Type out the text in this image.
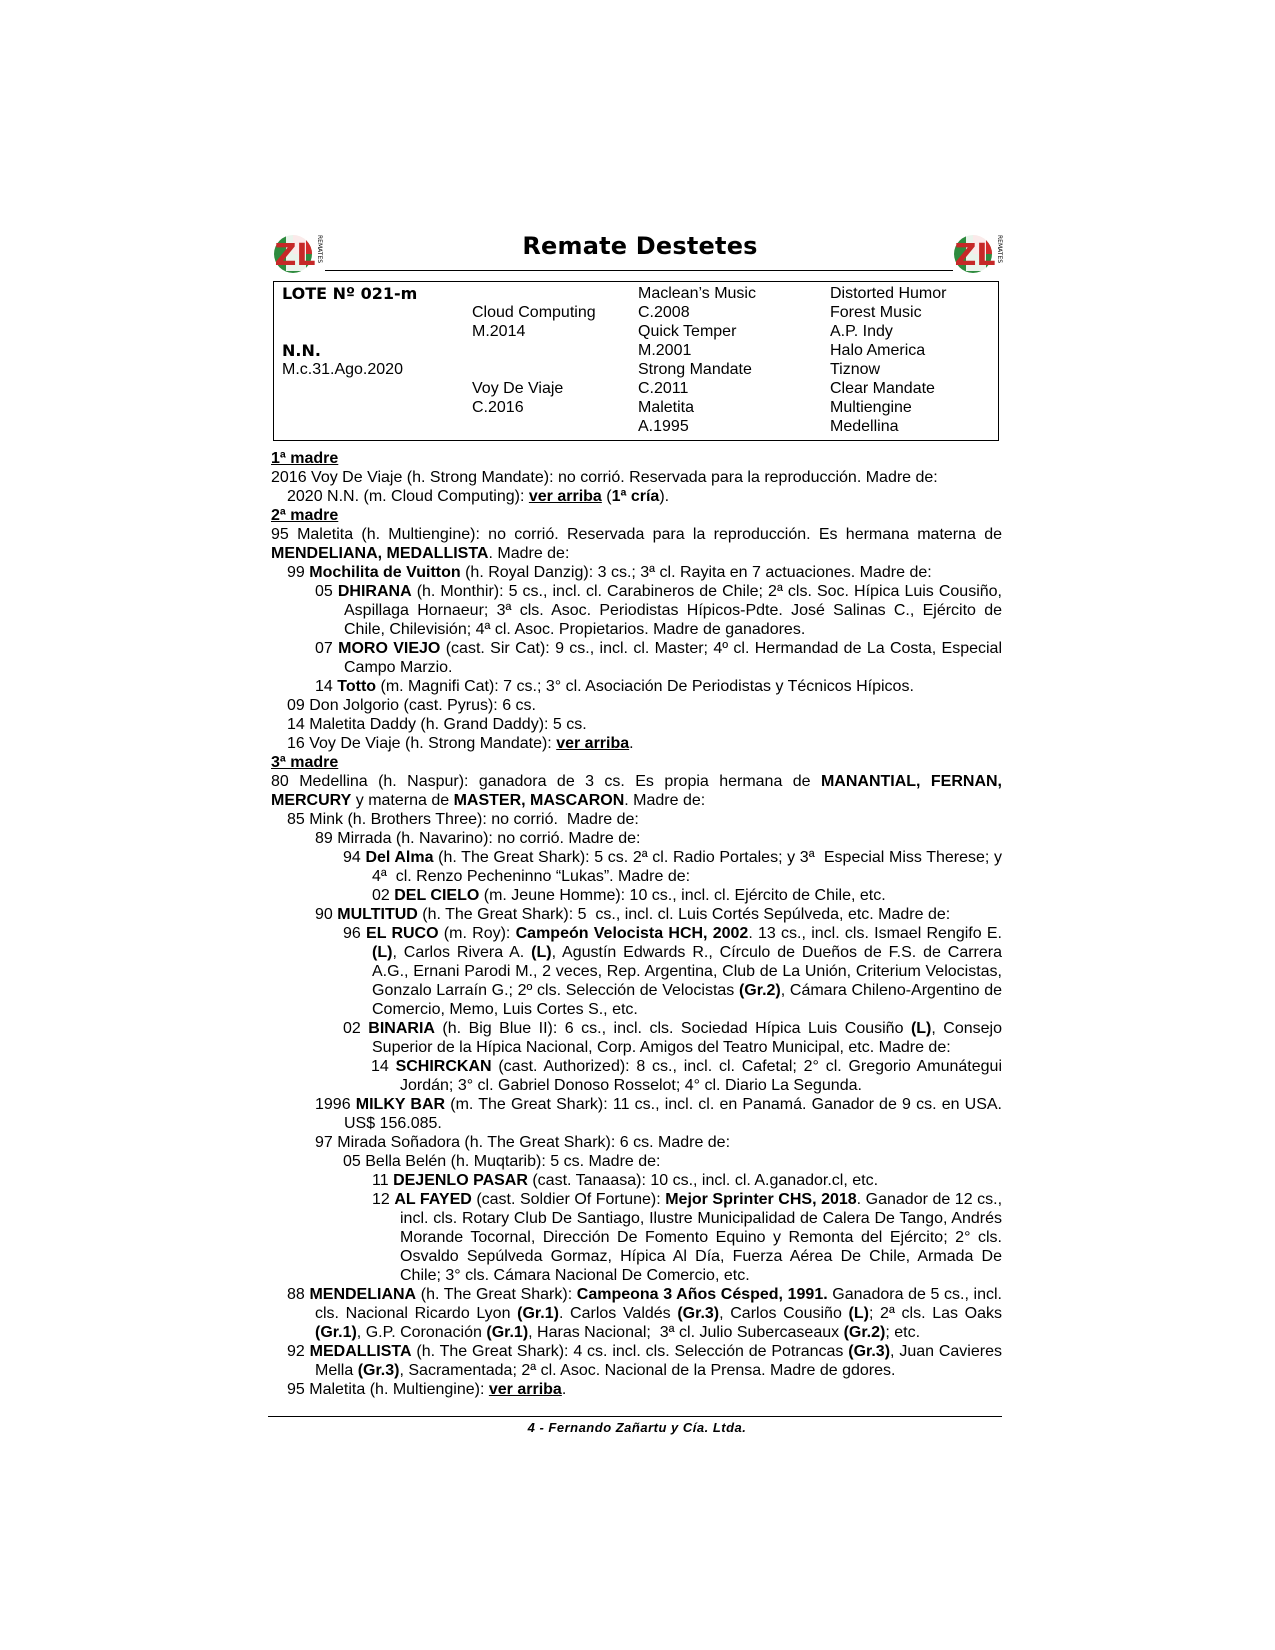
ZL REMATES	ZL REMATES
Remate Destetes
LOTE Nº 021-m
N.N.
M.c.31.Ago.2020
Cloud Computing
M.2014
Voy De Viaje
C.2016
Maclean’s Music
C.2008
Quick Temper
M.2001
Strong Mandate
C.2011
Maletita
A.1995
Distorted Humor
Forest Music
A.P. Indy
Halo America
Tiznow
Clear Mandate
Multiengine
Medellina
1ª madre
2016 Voy De Viaje (h. Strong Mandate): no corrió. Reservada para la reproducción. Madre de:
2020 N.N. (m. Cloud Computing): ver arriba (1ª cría).
2ª madre
95 Maletita (h. Multiengine): no corrió. Reservada para la reproducción. Es hermana materna de MENDELIANA, MEDALLISTA. Madre de:
99 Mochilita de Vuitton (h. Royal Danzig): 3 cs.; 3ª cl. Rayita en 7 actuaciones. Madre de:
05 DHIRANA (h. Monthir): 5 cs., incl. cl. Carabineros de Chile; 2ª cls. Soc. Hípica Luis Cousiño, Aspillaga Hornaeur; 3ª cls. Asoc. Periodistas Hípicos-Pdte. José Salinas C., Ejército de Chile, Chilevisión; 4ª cl. Asoc. Propietarios. Madre de ganadores.
07 MORO VIEJO (cast. Sir Cat): 9 cs., incl. cl. Master; 4º cl. Hermandad de La Costa, Especial Campo Marzio.
14 Totto (m. Magnifi Cat): 7 cs.; 3° cl. Asociación De Periodistas y Técnicos Hípicos.
09 Don Jolgorio (cast. Pyrus): 6 cs.
14 Maletita Daddy (h. Grand Daddy): 5 cs.
16 Voy De Viaje (h. Strong Mandate): ver arriba.
3ª madre
80 Medellina (h. Naspur): ganadora de 3 cs. Es propia hermana de MANANTIAL, FERNAN, MERCURY y materna de MASTER, MASCARON. Madre de:
85 Mink (h. Brothers Three): no corrió.  Madre de:
89 Mirrada (h. Navarino): no corrió. Madre de:
94 Del Alma (h. The Great Shark): 5 cs. 2ª cl. Radio Portales; y 3ª  Especial Miss Therese; y 4ª  cl. Renzo Pecheninno “Lukas”. Madre de:
02 DEL CIELO (m. Jeune Homme): 10 cs., incl. cl. Ejército de Chile, etc.
90 MULTITUD (h. The Great Shark): 5  cs., incl. cl. Luis Cortés Sepúlveda, etc. Madre de:
96 EL RUCO (m. Roy): Campeón Velocista HCH, 2002. 13 cs., incl. cls. Ismael Rengifo E. (L), Carlos Rivera A. (L), Agustín Edwards R., Círculo de Dueños de F.S. de Carrera A.G., Ernani Parodi M., 2 veces, Rep. Argentina, Club de La Unión, Criterium Velocistas, Gonzalo Larraín G.; 2º cls. Selección de Velocistas (Gr.2), Cámara Chileno-Argentino de Comercio, Memo, Luis Cortes S., etc.
02 BINARIA (h. Big Blue II): 6 cs., incl. cls. Sociedad Hípica Luis Cousiño (L), Consejo Superior de la Hípica Nacional, Corp. Amigos del Teatro Municipal, etc. Madre de:
14 SCHIRCKAN (cast. Authorized): 8 cs., incl. cl. Cafetal; 2° cl. Gregorio Amunátegui Jordán; 3° cl. Gabriel Donoso Rosselot; 4° cl. Diario La Segunda.
1996 MILKY BAR (m. The Great Shark): 11 cs., incl. cl. en Panamá. Ganador de 9 cs. en USA. US$ 156.085.
97 Mirada Soñadora (h. The Great Shark): 6 cs. Madre de:
05 Bella Belén (h. Muqtarib): 5 cs. Madre de:
11 DEJENLO PASAR (cast. Tanaasa): 10 cs., incl. cl. A.ganador.cl, etc.
12 AL FAYED (cast. Soldier Of Fortune): Mejor Sprinter CHS, 2018. Ganador de 12 cs., incl. cls. Rotary Club De Santiago, Ilustre Municipalidad de Calera De Tango, Andrés Morande Tocornal, Dirección De Fomento Equino y Remonta del Ejército; 2° cls. Osvaldo Sepúlveda Gormaz, Hípica Al Día, Fuerza Aérea De Chile, Armada De Chile; 3° cls. Cámara Nacional De Comercio, etc.
88 MENDELIANA (h. The Great Shark): Campeona 3 Años Césped, 1991. Ganadora de 5 cs., incl. cls. Nacional Ricardo Lyon (Gr.1). Carlos Valdés (Gr.3), Carlos Cousiño (L); 2ª cls. Las Oaks (Gr.1), G.P. Coronación (Gr.1), Haras Nacional;  3ª cl. Julio Subercaseaux (Gr.2); etc.
92 MEDALLISTA (h. The Great Shark): 4 cs. incl. cls. Selección de Potrancas (Gr.3), Juan Cavieres Mella (Gr.3), Sacramentada; 2ª cl. Asoc. Nacional de la Prensa. Madre de gdores.
95 Maletita (h. Multiengine): ver arriba.
4 - Fernando Zañartu y Cía. Ltda.
